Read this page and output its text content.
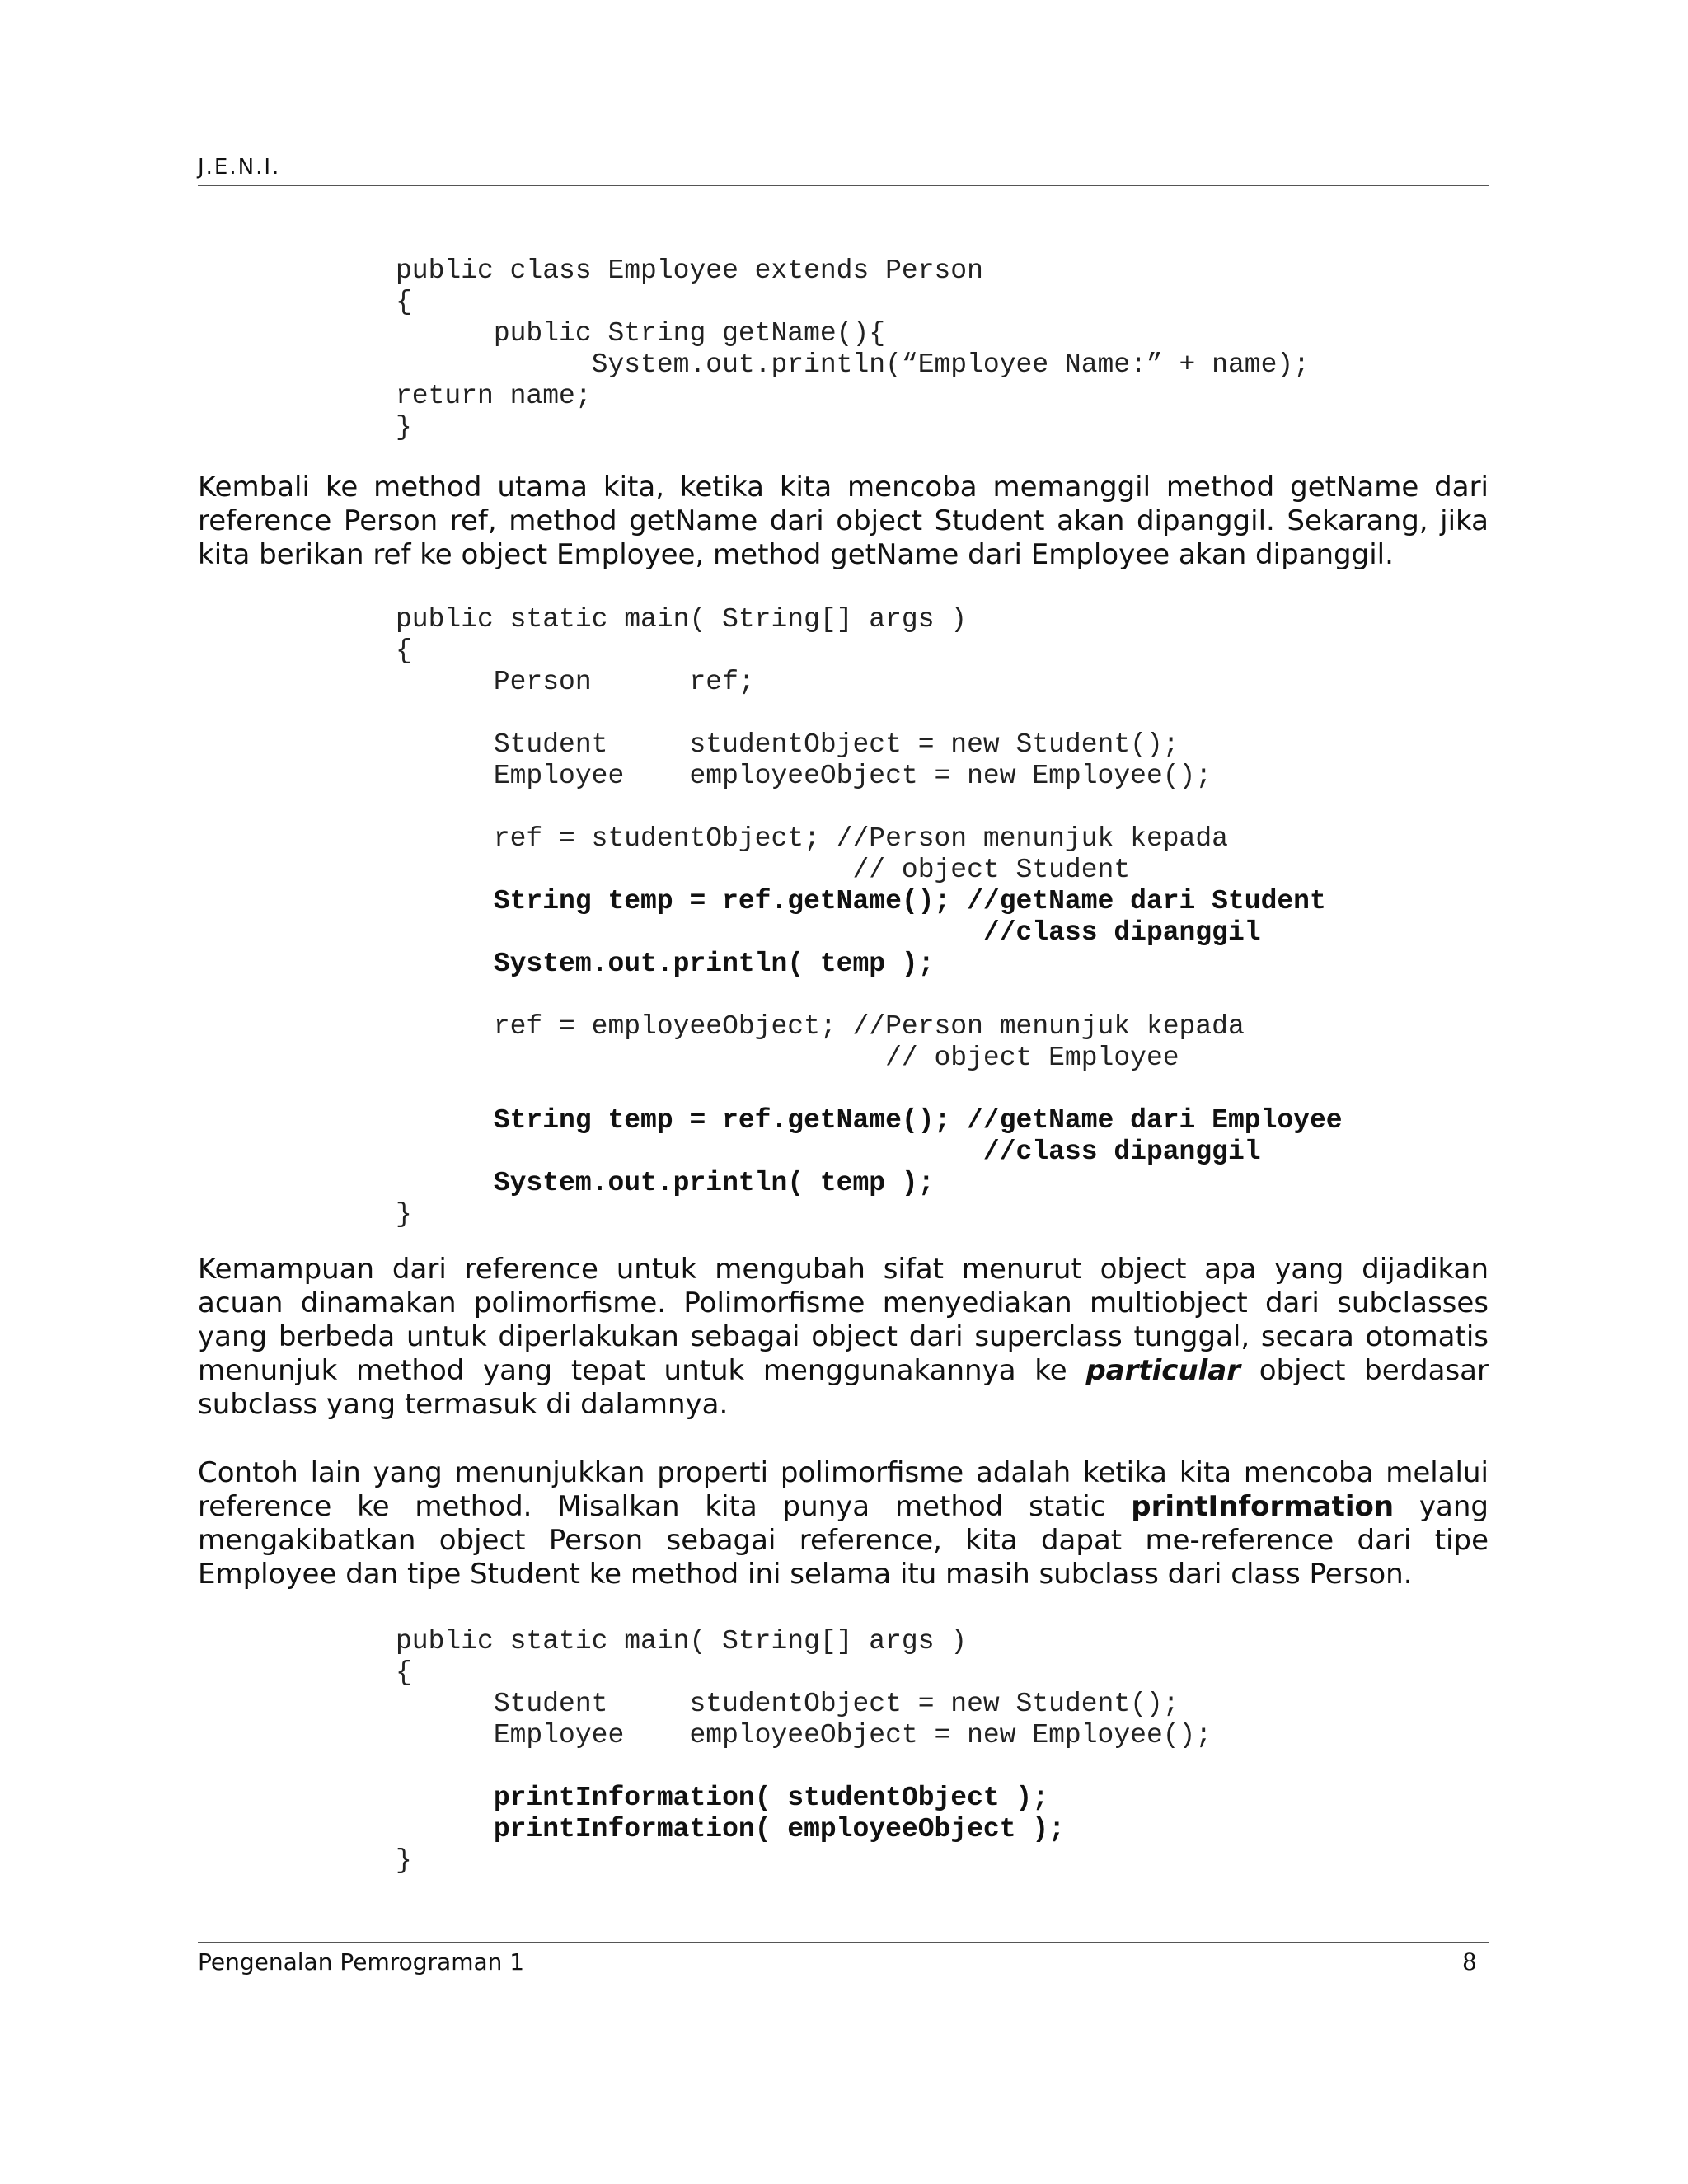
J.E.N.I.
public class Employee extends Person
{
public String getName(){
System.out.println(“Employee Name:” + name);
return name;
}

Kembali ke method utama kita, ketika kita mencoba memanggil method getName dari reference Person ref, method getName dari object Student akan dipanggil. Sekarang, jika kita berikan ref ke object Employee, method getName dari Employee akan dipanggil.

public static main( String[] args )
{
Person      ref;
Student     studentObject = new Student();
Employee    employeeObject = new Employee();
ref = studentObject; //Person menunjuk kepada
// object Student
String temp = ref.getName(); //getName dari Student
//class dipanggil
System.out.println( temp );
ref = employeeObject; //Person menunjuk kepada
// object Employee
String temp = ref.getName(); //getName dari Employee
//class dipanggil
System.out.println( temp );
}

Kemampuan dari reference untuk mengubah sifat menurut object apa yang dijadikan acuan dinamakan polimorfisme. Polimorfisme menyediakan multiobject dari subclasses yang berbeda untuk diperlakukan sebagai object dari superclass tunggal, secara otomatis menunjuk method yang tepat untuk menggunakannya ke particular object berdasar subclass yang termasuk di dalamnya.

Contoh lain yang menunjukkan properti polimorfisme adalah ketika kita mencoba melalui reference ke method. Misalkan kita punya method static printInformation yang mengakibatkan object Person sebagai reference, kita dapat me-reference dari tipe Employee dan tipe Student ke method ini selama itu masih subclass dari class Person.

public static main( String[] args )
{
Student     studentObject = new Student();
Employee    employeeObject = new Employee();
printInformation( studentObject );
printInformation( employeeObject );
}
Pengenalan Pemrograman 1	8
